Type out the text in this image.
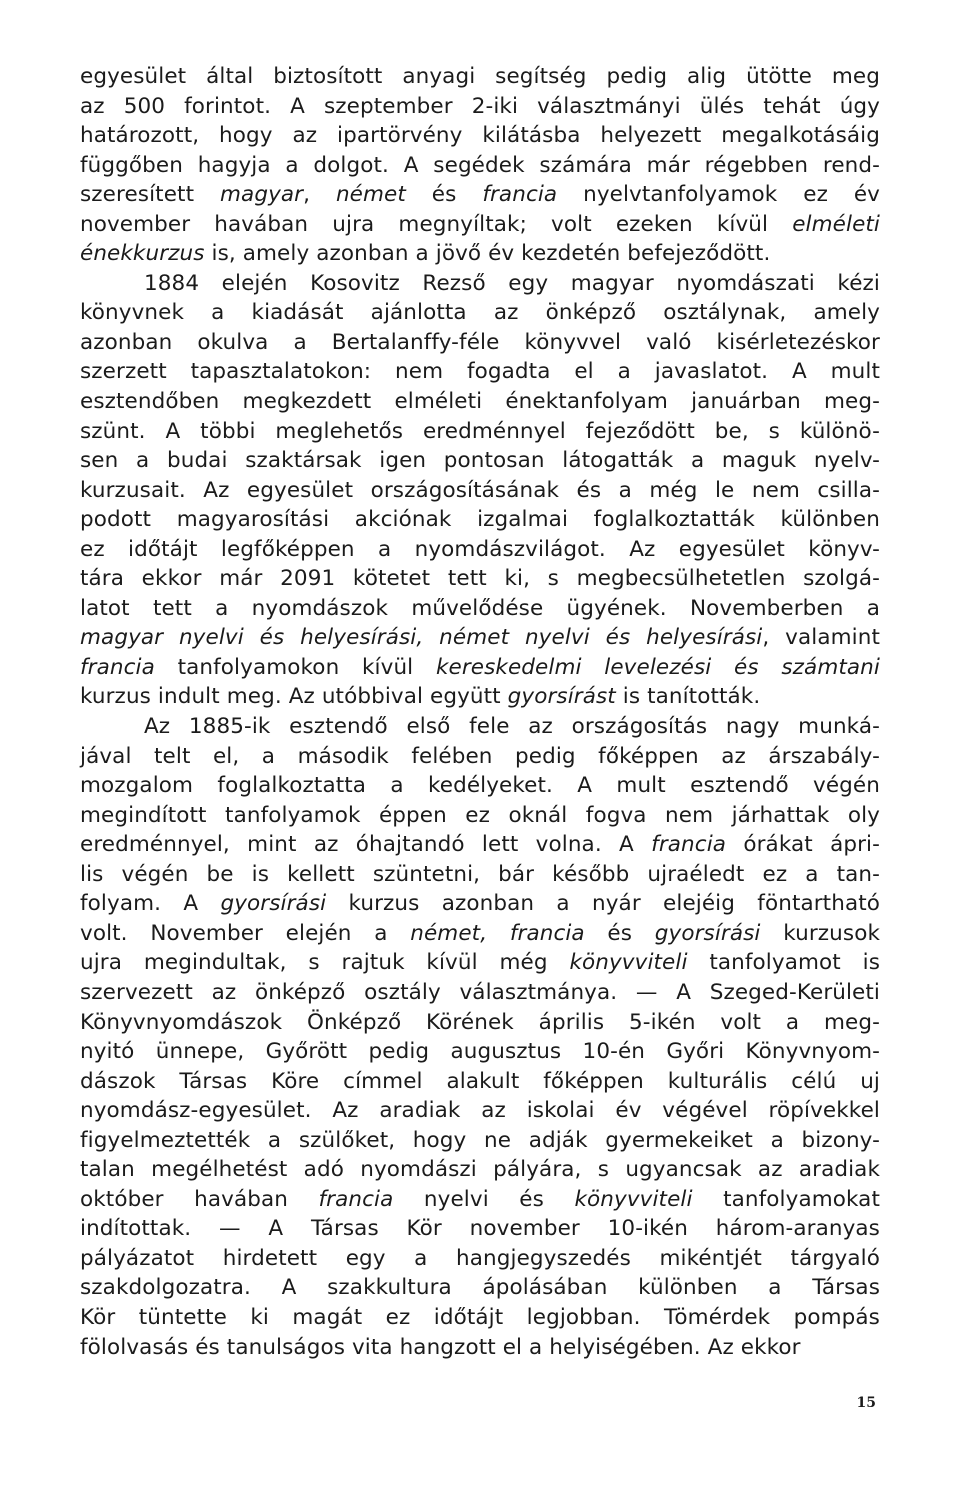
egyesület által biztosított anyagi segítség pedig alig ütötte meg
az 500 forintot. A szeptember 2-iki választmányi ülés tehát úgy
határozott, hogy az ipartörvény kilátásba helyezett megalkotásáig
függőben hagyja a dolgot. A segédek számára már régebben rend-
szeresített magyar, német és francia nyelvtanfolyamok ez év
november havában ujra megnyíltak; volt ezeken kívül elméleti
énekkurzus is, amely azonban a jövő év kezdetén befejeződött.
1884 elején Kosovitz Rezső egy magyar nyomdászati kézi
könyvnek a kiadását ajánlotta az önképző osztálynak, amely
azonban okulva a Bertalanffy-féle könyvvel való kisérletezéskor
szerzett tapasztalatokon: nem fogadta el a javaslatot. A mult
esztendőben megkezdett elméleti énektanfolyam januárban meg-
szünt. A többi meglehetős eredménnyel fejeződött be, s különö-
sen a budai szaktársak igen pontosan látogatták a maguk nyelv-
kurzusait. Az egyesület országosításának és a még le nem csilla-
podott magyarosítási akciónak izgalmai foglalkoztatták különben
ez időtájt legfőképpen a nyomdászvilágot. Az egyesület könyv-
tára ekkor már 2091 kötetet tett ki, s megbecsülhetetlen szolgá-
latot tett a nyomdászok művelődése ügyének. Novemberben a
magyar nyelvi és helyesírási, német nyelvi és helyesírási, valamint
francia tanfolyamokon kívül kereskedelmi levelezési és számtani
kurzus indult meg. Az utóbbival együtt gyorsírást is tanították.
Az 1885-ik esztendő első fele az országosítás nagy munká-
jával telt el, a második felében pedig főképpen az árszabály-
mozgalom foglalkoztatta a kedélyeket. A mult esztendő végén
megindított tanfolyamok éppen ez oknál fogva nem járhattak oly
eredménnyel, mint az óhajtandó lett volna. A francia órákat ápri-
lis végén be is kellett szüntetni, bár később ujraéledt ez a tan-
folyam. A gyorsírási kurzus azonban a nyár elejéig föntartható
volt. November elején a német, francia és gyorsírási kurzusok
ujra megindultak, s rajtuk kívül még könyvviteli tanfolyamot is
szervezett az önképző osztály választmánya. — A Szeged-Kerületi
Könyvnyomdászok Önképző Körének április 5-ikén volt a meg-
nyitó ünnepe, Győrött pedig augusztus 10-én Győri Könyvnyom-
dászok Társas Köre címmel alakult főképpen kulturális célú uj
nyomdász-egyesület. Az aradiak az iskolai év végével röpívekkel
figyelmeztették a szülőket, hogy ne adják gyermekeiket a bizony-
talan megélhetést adó nyomdászi pályára, s ugyancsak az aradiak
október havában francia nyelvi és könyvviteli tanfolyamokat
indítottak. — A Társas Kör november 10-ikén három-aranyas
pályázatot hirdetett egy a hangjegyszedés mikéntjét tárgyaló
szakdolgozatra. A szakkultura ápolásában különben a Társas
Kör tüntette ki magát ez időtájt legjobban. Tömérdek pompás
fölolvasás és tanulságos vita hangzott el a helyiségében. Az ekkor
15
